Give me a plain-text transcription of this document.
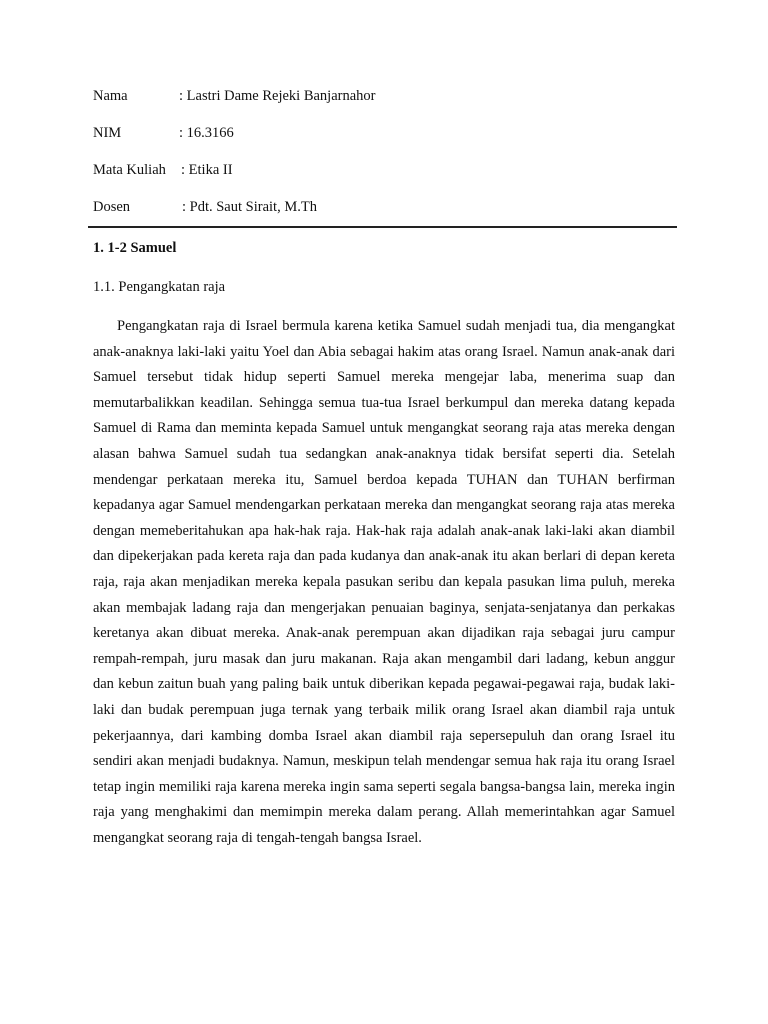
Nama	: Lastri Dame Rejeki Banjarnahor
NIM	: 16.3166
Mata Kuliah : Etika II
Dosen	: Pdt. Saut Sirait, M.Th
1. 1-2 Samuel
1.1. Pengangkatan raja

Pengangkatan raja di Israel bermula karena ketika Samuel sudah menjadi tua, dia mengangkat anak-anaknya laki-laki yaitu Yoel dan Abia sebagai hakim atas orang Israel. Namun anak-anak dari Samuel tersebut tidak hidup seperti Samuel mereka mengejar laba, menerima suap dan memutarbalikkan keadilan. Sehingga semua tua-tua Israel berkumpul dan mereka datang kepada Samuel di Rama dan meminta kepada Samuel untuk mengangkat seorang raja atas mereka dengan alasan bahwa Samuel sudah tua sedangkan anak-anaknya tidak bersifat seperti dia. Setelah mendengar perkataan mereka itu, Samuel berdoa kepada TUHAN dan TUHAN berfirman kepadanya agar Samuel mendengarkan perkataan mereka dan mengangkat seorang raja atas mereka dengan memeberitahukan apa hak-hak raja. Hak-hak raja adalah anak-anak laki-laki akan diambil dan dipekerjakan pada kereta raja dan pada kudanya dan anak-anak itu akan berlari di depan kereta raja, raja akan menjadikan mereka kepala pasukan seribu dan kepala pasukan lima puluh, mereka akan membajak ladang raja dan mengerjakan penuaian baginya, senjata-senjatanya dan perkakas keretanya akan dibuat mereka. Anak-anak perempuan akan dijadikan raja sebagai juru campur rempah-rempah, juru masak dan juru makanan. Raja akan mengambil dari ladang, kebun anggur dan kebun zaitun buah yang paling baik untuk diberikan kepada pegawai-pegawai raja, budak laki-laki dan budak perempuan juga ternak yang terbaik milik orang Israel akan diambil raja untuk pekerjaannya, dari kambing domba Israel akan diambil raja sepersepuluh dan orang Israel itu sendiri akan menjadi budaknya. Namun, meskipun telah mendengar semua hak raja itu orang Israel tetap ingin memiliki raja karena mereka ingin sama seperti segala bangsa-bangsa lain, mereka ingin raja yang menghakimi dan memimpin mereka dalam perang. Allah memerintahkan agar Samuel mengangkat seorang raja di tengah-tengah bangsa Israel.
